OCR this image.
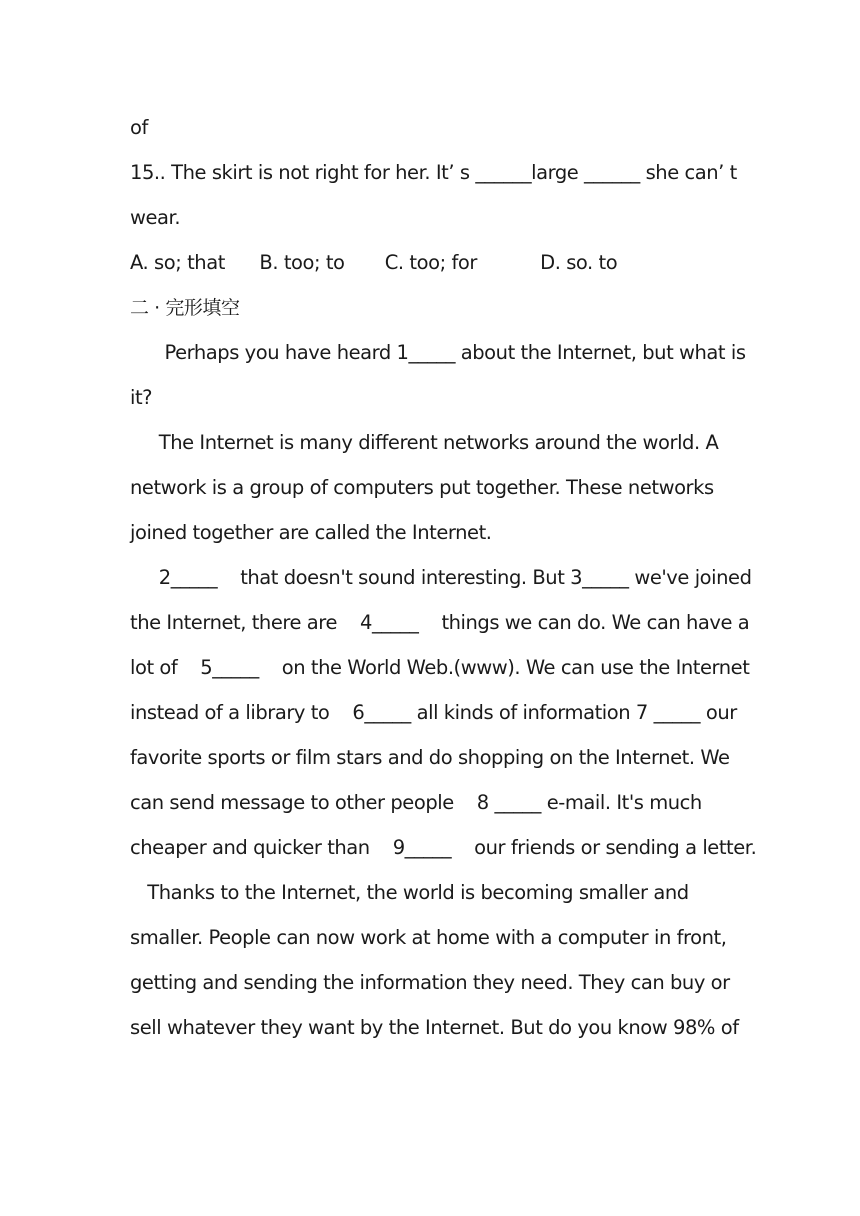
of
15.. The skirt is not right for her. It’ s ______large ______ she can’ t
wear.
A. so; that      B. too; to       C. too; for           D. so. to
二 · 完形填空
Perhaps you have heard 1_____ about the Internet, but what is
it?
The Internet is many different networks around the world. A
network is a group of computers put together. These networks
joined together are called the Internet.
2_____    that doesn't sound interesting. But 3_____ we've joined
the Internet, there are    4_____    things we can do. We can have a
lot of    5_____    on the World Web.(www). We can use the Internet
instead of a library to    6_____ all kinds of information 7 _____ our
favorite sports or film stars and do shopping on the Internet. We
can send message to other people    8 _____ e-mail. It's much
cheaper and quicker than    9_____    our friends or sending a letter.
Thanks to the Internet, the world is becoming smaller and
smaller. People can now work at home with a computer in front,
getting and sending the information they need. They can buy or
sell whatever they want by the Internet. But do you know 98% of
